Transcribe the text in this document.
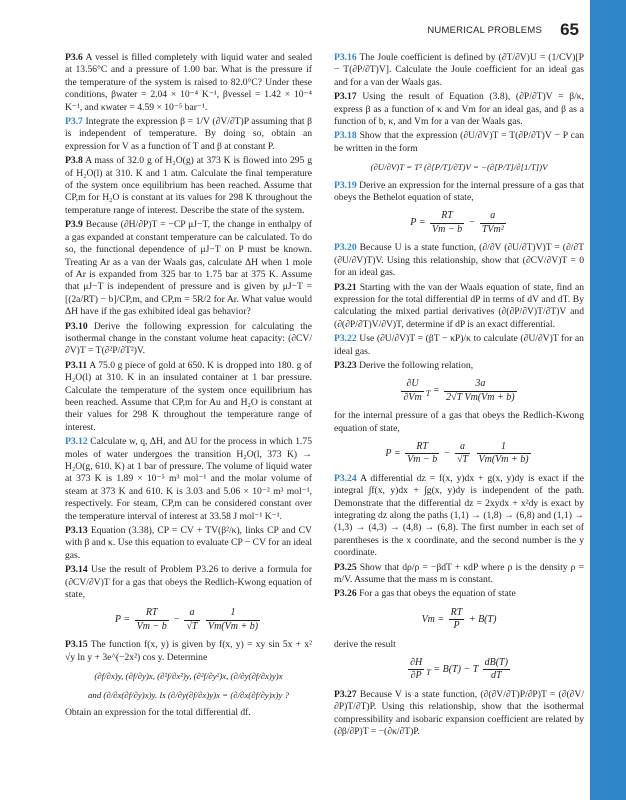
NUMERICAL PROBLEMS 65

P3.6 A vessel is filled completely with liquid water and sealed at 13.56°C and a pressure of 1.00 bar. What is the pressure if the temperature of the system is raised to 82.0°C? Under these conditions, βwater = 2.04 × 10⁻⁴ K⁻¹, βvessel = 1.42 × 10⁻⁴ K⁻¹, and κwater = 4.59 × 10⁻⁵ bar⁻¹.

P3.7 Integrate the expression β = 1/V (∂V/∂T)P assuming that β is independent of temperature. By doing so, obtain an expression for V as a function of T and β at constant P.

P3.8 A mass of 32.0 g of H₂O(g) at 373 K is flowed into 295 g of H₂O(l) at 310. K and 1 atm. Calculate the final temperature of the system once equilibrium has been reached. Assume that CP,m for H₂O is constant at its values for 298 K throughout the temperature range of interest. Describe the state of the system.

P3.9 Because (∂H/∂P)T = −CP μJ−T, the change in enthalpy of a gas expanded at constant temperature can be calculated. To do so, the functional dependence of μJ−T on P must be known. Treating Ar as a van der Waals gas, calculate ΔH when 1 mole of Ar is expanded from 325 bar to 1.75 bar at 375 K. Assume that μJ−T is independent of pressure and is given by μJ−T = [(2a/RT) − b]/CP,m, and CP,m = 5R/2 for Ar. What value would ΔH have if the gas exhibited ideal gas behavior?

P3.10 Derive the following expression for calculating the isothermal change in the constant volume heat capacity: (∂CV/∂V)T = T(∂²P/∂T²)V.

P3.11 A 75.0 g piece of gold at 650. K is dropped into 180. g of H₂O(l) at 310. K in an insulated container at 1 bar pressure. Calculate the temperature of the system once equilibrium has been reached. Assume that CP,m for Au and H₂O is constant at their values for 298 K throughout the temperature range of interest.

P3.12 Calculate w, q, ΔH, and ΔU for the process in which 1.75 moles of water undergoes the transition H₂O(l, 373 K) → H₂O(g, 610. K) at 1 bar of pressure. The volume of liquid water at 373 K is 1.89 × 10⁻⁵ m³ mol⁻¹ and the molar volume of steam at 373 K and 610. K is 3.03 and 5.06 × 10⁻² m³ mol⁻¹, respectively. For steam, CP,m can be considered constant over the temperature interval of interest at 33.58 J mol⁻¹ K⁻¹.

P3.13 Equation (3.38), CP = CV + TV(β²/κ), links CP and CV with β and κ. Use this equation to evaluate CP − CV for an ideal gas.

P3.14 Use the result of Problem P3.26 to derive a formula for (∂CV/∂V)T for a gas that obeys the Redlich-Kwong equation of state,

$P = \frac{RT}{Vm - b} - \frac{a}{√T}$
$\frac{1}{Vm(Vm + b)}$

P3.15 The function f(x, y) is given by f(x, y) = xy sin 5x + x² √y ln y + 3e^(−2x²) cos y. Determine

(∂f/∂x)y, (∂f/∂y)x, (∂²f/∂x²)y, (∂²f/∂y²)x, (∂/∂y(∂f/∂x)y)x
and (∂/∂x(∂f/∂y)x)y. Is (∂/∂y(∂f/∂x)y)x = (∂/∂x(∂f/∂y)x)y ?

Obtain an expression for the total differential df.

P3.16 The Joule coefficient is defined by (∂T/∂V)U = (1/CV)[P − T(∂P/∂T)V]. Calculate the Joule coefficient for an ideal gas and for a van der Waals gas.

P3.17 Using the result of Equation (3.8), (∂P/∂T)V = β/κ, express β as a function of κ and Vm for an ideal gas, and β as a function of b, κ, and Vm for a van der Waals gas.

P3.18 Show that the expression (∂U/∂V)T = T(∂P/∂T)V − P can be written in the form

(∂U/∂V)T = T² (∂[P/T]/∂T)V = −(∂[P/T]/∂[1/T])V

P3.19 Derive an expression for the internal pressure of a gas that obeys the Bethelot equation of state,

$P = \frac{RT}{Vm - b} - \frac{a}{\text{TVm²}}$

P3.20 Because U is a state function, (∂/∂V (∂U/∂T)V)T = (∂/∂T (∂U/∂V)T)V. Using this relationship, show that (∂CV/∂V)T = 0 for an ideal gas.

P3.21 Starting with the van der Waals equation of state, find an expression for the total differential dP in terms of dV and dT. By calculating the mixed partial derivatives (∂(∂P/∂V)T/∂T)V and (∂(∂P/∂T)V/∂V)T, determine if dP is an exact differential.

P3.22 Use (∂U/∂V)T = (βT − κP)/κ to calculate (∂U/∂V)T for an ideal gas.

P3.23 Derive the following relation,

$\frac{\partial U}{\partial Vm} _T = \frac{3a}{\text{2√T Vm(Vm + b)}}$

for the internal pressure of a gas that obeys the Redlich-Kwong equation of state,

$P = \frac{RT}{Vm - b} - \frac{a}{√T}$
$\frac{1}{Vm(Vm + b)}$

P3.24 A differential dz = f(x, y)dx + g(x, y)dy is exact if the integral ∫f(x, y)dx + ∫g(x, y)dy is independent of the path. Demonstrate that the differential dz = 2xydx + x²dy is exact by integrating dz along the paths (1,1) → (1,8) → (6,8) and (1,1) → (1,3) → (4,3) → (4,8) → (6,8). The first number in each set of parentheses is the x coordinate, and the second number is the y coordinate.

P3.25 Show that dρ/ρ = −βdT + κdP where ρ is the density ρ = m/V. Assume that the mass m is constant.

P3.26 For a gas that obeys the equation of state

$Vm = \frac{RT}{P} + B(T)$

derive the result

$\frac{\partial H}{\partial P} _T = B(T) - T \frac{dB(T)}{dT}$

P3.27 Because V is a state function, (∂(∂V/∂T)P/∂P)T = (∂(∂V/∂P)T/∂T)P. Using this relationship, show that the isothermal compressibility and isobaric expansion coefficient are related by (∂β/∂P)T = −(∂κ/∂T)P.
